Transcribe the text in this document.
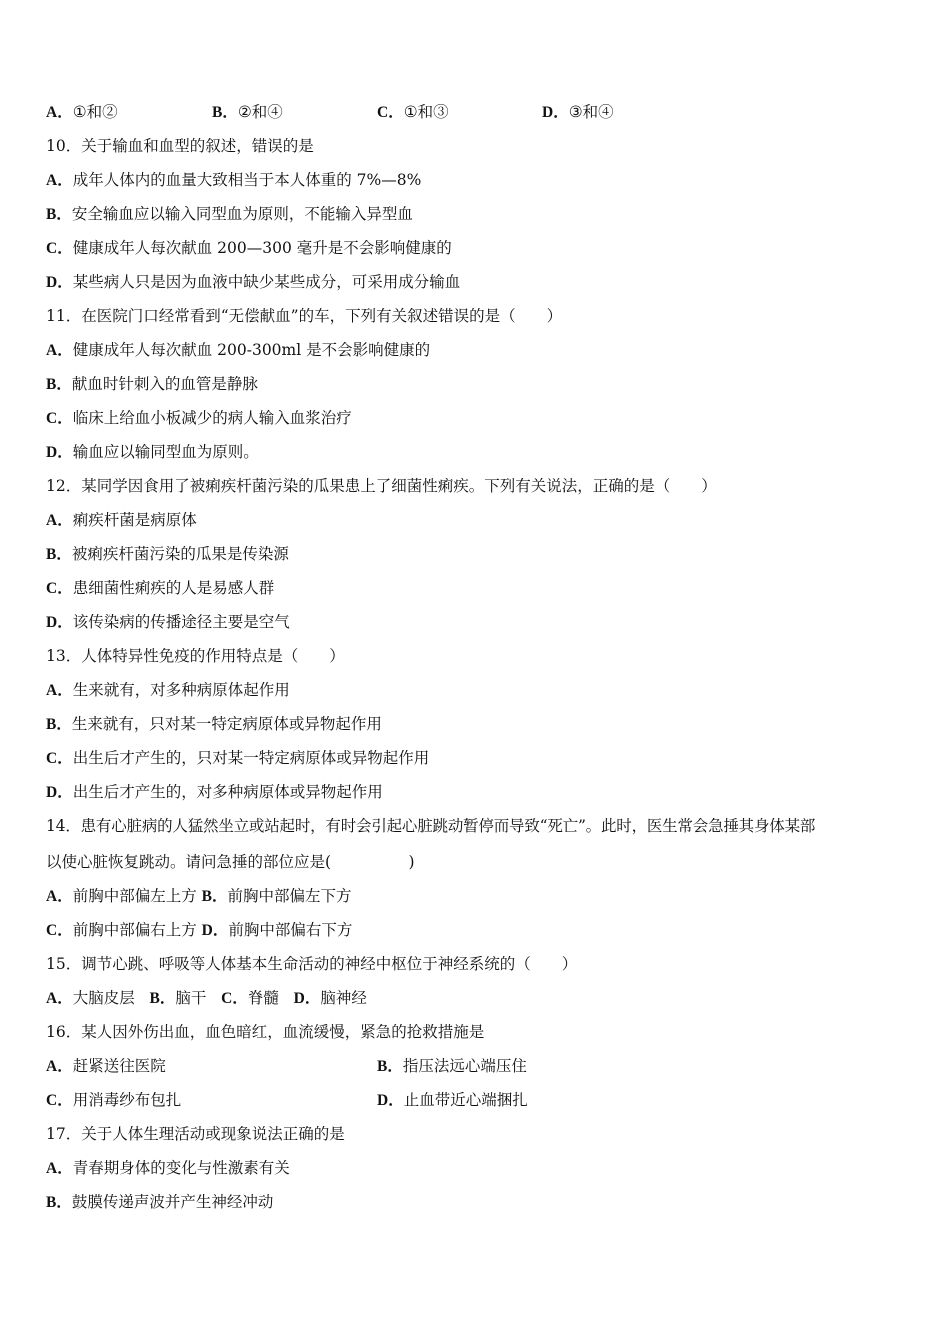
A．①和②	B．②和④	C．①和③	D．③和④
10．关于输血和血型的叙述，错误的是
A．成年人体内的血量大致相当于本人体重的 7%—8%
B．安全输血应以输入同型血为原则，不能输入异型血
C．健康成年人每次献血 200—300 毫升是不会影响健康的
D．某些病人只是因为血液中缺少某些成分，可采用成分输血
11．在医院门口经常看到“无偿献血”的车，下列有关叙述错误的是（　　）
A．健康成年人每次献血 200-300ml 是不会影响健康的
B．献血时针刺入的血管是静脉
C．临床上给血小板减少的病人输入血浆治疗
D．输血应以输同型血为原则。
12．某同学因食用了被痢疾杆菌污染的瓜果患上了细菌性痢疾。下列有关说法，正确的是（　　）
A．痢疾杆菌是病原体
B．被痢疾杆菌污染的瓜果是传染源
C．患细菌性痢疾的人是易感人群
D．该传染病的传播途径主要是空气
13．人体特异性免疫的作用特点是（　　）
A．生来就有，对多种病原体起作用
B．生来就有，只对某一特定病原体或异物起作用
C．出生后才产生的，只对某一特定病原体或异物起作用
D．出生后才产生的，对多种病原体或异物起作用
14．患有心脏病的人猛然坐立或站起时，有时会引起心脏跳动暂停而导致“死亡”。此时，医生常会急捶其身体某部
以使心脏恢复跳动。请问急捶的部位应是(　　　　　)
A．前胸中部偏左上方 B．前胸中部偏左下方
C．前胸中部偏右上方 D．前胸中部偏右下方
15．调节心跳、呼吸等人体基本生命活动的神经中枢位于神经系统的（　　）
A．大脑皮层 B．脑干 C．脊髓 D．脑神经
16．某人因外伤出血，血色暗红，血流缓慢，紧急的抢救措施是
A．赶紧送往医院	B．指压法远心端压住
C．用消毒纱布包扎	D．止血带近心端捆扎
17．关于人体生理活动或现象说法正确的是
A．青春期身体的变化与性激素有关
B．鼓膜传递声波并产生神经冲动
